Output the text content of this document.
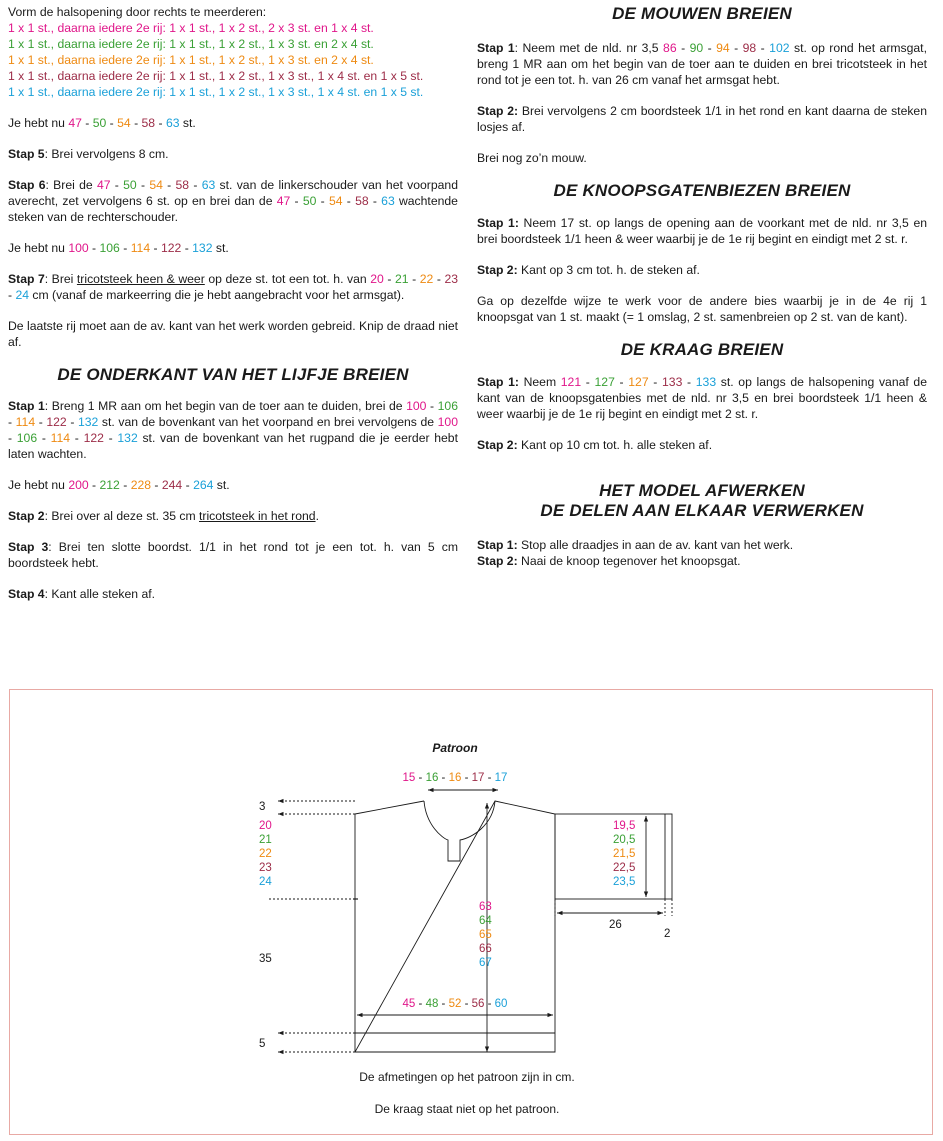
Vorm de halsopening door rechts te meerderen:
1 x 1 st., daarna iedere 2e rij: 1 x 1 st., 1 x 2 st., 2 x 3 st. en 1 x 4 st.
1 x 1 st., daarna iedere 2e rij: 1 x 1 st., 1 x 2 st., 1 x 3 st. en 2 x 4 st.
1 x 1 st., daarna iedere 2e rij: 1 x 1 st., 1 x 2 st., 1 x 3 st. en 2 x 4 st.
1 x 1 st., daarna iedere 2e rij: 1 x 1 st., 1 x 2 st., 1 x 3 st., 1 x 4 st. en 1 x 5 st.
1 x 1 st., daarna iedere 2e rij: 1 x 1 st., 1 x 2 st., 1 x 3 st., 1 x 4 st. en 1 x 5 st.

Je hebt nu 47 - 50 - 54 - 58 - 63 st.

Stap 5: Brei vervolgens 8 cm.

Stap 6: Brei de 47 - 50 - 54 - 58 - 63 st. van de linkerschouder van het voorpand averecht, zet vervolgens 6 st. op en brei dan de 47 - 50 - 54 - 58 - 63 wachtende steken van de rechterschouder.

Je hebt nu 100 - 106 - 114 - 122 - 132 st.

Stap 7: Brei tricotsteek heen & weer op deze st. tot een tot. h. van 20 - 21 - 22 - 23 - 24 cm (vanaf de markeerring die je hebt aangebracht voor het armsgat).

De laatste rij moet aan de av. kant van het werk worden gebreid. Knip de draad niet af.

DE ONDERKANT VAN HET LIJFJE BREIEN

Stap 1: Breng 1 MR aan om het begin van de toer aan te duiden, brei de 100 - 106 - 114 - 122 - 132 st. van de bovenkant van het voorpand en brei vervolgens de 100 - 106 - 114 - 122 - 132 st. van de bovenkant van het rugpand die je eerder hebt laten wachten.

Je hebt nu 200 - 212 - 228 - 244 - 264 st.

Stap 2: Brei over al deze st. 35 cm tricotsteek in het rond.

Stap 3: Brei ten slotte boordst. 1/1 in het rond tot je een tot. h. van 5 cm boordsteek hebt.

Stap 4: Kant alle steken af.

DE MOUWEN BREIEN

Stap 1: Neem met de nld. nr 3,5 86 - 90 - 94 - 98 - 102 st. op rond het armsgat, breng 1 MR aan om het begin van de toer aan te duiden en brei tricotsteek in het rond tot je een tot. h. van 26 cm vanaf het armsgat hebt.

Stap 2: Brei vervolgens 2 cm boordsteek 1/1 in het rond en kant daarna de steken losjes af.

Brei nog zo’n mouw.

DE KNOOPSGATENBIEZEN BREIEN

Stap 1: Neem 17 st. op langs de opening aan de voorkant met de nld. nr 3,5 en brei boordsteek 1/1 heen & weer waarbij je de 1e rij begint en eindigt met 2 st. r.

Stap 2: Kant op 3 cm tot. h. de steken af.

Ga op dezelfde wijze te werk voor de andere bies waarbij je in de 4e rij 1 knoopsgat van 1 st. maakt (= 1 omslag, 2 st. samenbreien op 2 st. van de kant).

DE KRAAG BREIEN

Stap 1: Neem 121 - 127 - 127 - 133 - 133 st. op langs de halsopening vanaf de kant van de knoopsgatenbies met de nld. nr 3,5 en brei boordsteek 1/1 heen & weer waarbij je de 1e rij begint en eindigt met 2 st. r.

Stap 2: Kant op 10 cm tot. h. alle steken af.

HET MODEL AFWERKEN
DE DELEN AAN ELKAAR VERWERKEN

Stap 1: Stop alle draadjes in aan de av. kant van het werk.

Stap 2: Naai de knoop tegenover het knoopsgat.

Patroon
15 - 16 - 16 - 17 - 17
3
20
21
22
23
24
35
5
63
64
65
66
67
45 - 48 - 52 - 56 - 60
19,5
20,5
21,5
22,5
23,5
26
2
De afmetingen op het patroon zijn in cm.
De kraag staat niet op het patroon.
